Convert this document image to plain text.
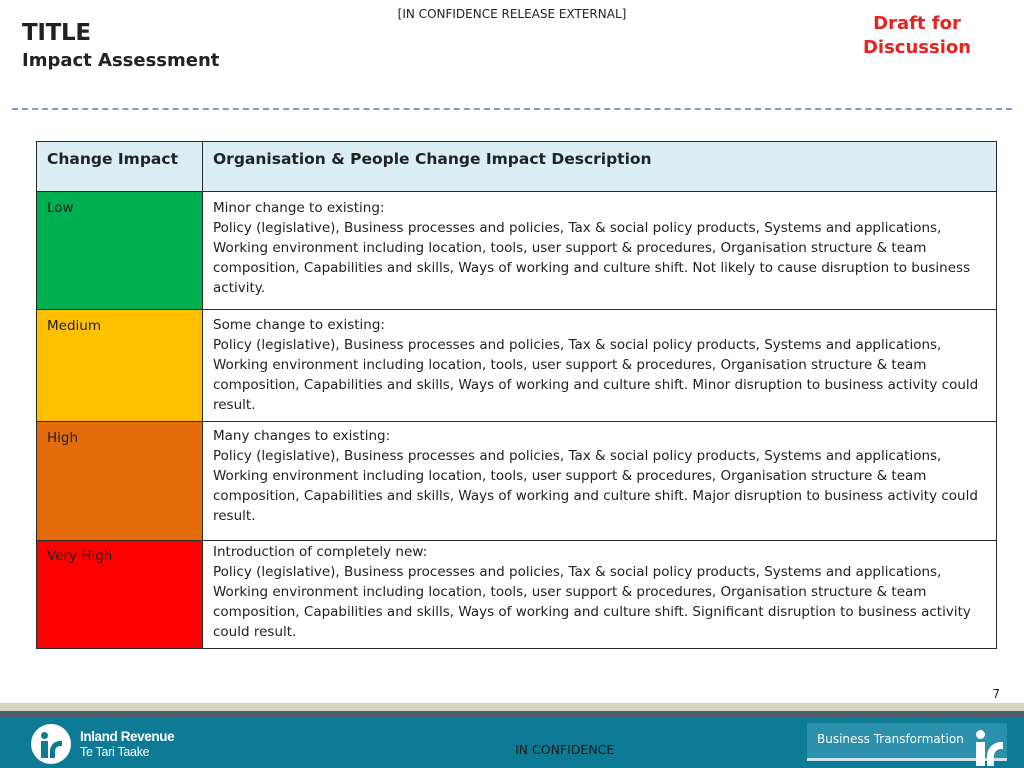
[IN CONFIDENCE RELEASE EXTERNAL]
TITLE
Impact Assessment
Draft for Discussion
Change Impact	Organisation & People Change Impact Description
Low	Minor change to existing:
Policy (legislative), Business processes and policies, Tax & social policy products, Systems and applications, Working environment including location, tools, user support & procedures, Organisation structure & team composition, Capabilities and skills, Ways of working and culture shift. Not likely to cause disruption to business activity.

Medium	Some change to existing:
Policy (legislative), Business processes and policies, Tax & social policy products, Systems and applications, Working environment including location, tools, user support & procedures, Organisation structure & team composition, Capabilities and skills, Ways of working and culture shift. Minor disruption to business activity could result.

High	Many changes to existing:
Policy (legislative), Business processes and policies, Tax & social policy products, Systems and applications, Working environment including location, tools, user support & procedures, Organisation structure & team composition, Capabilities and skills, Ways of working and culture shift. Major disruption to business activity could result.

Very High	Introduction of completely new:
Policy (legislative), Business processes and policies, Tax & social policy products, Systems and applications, Working environment including location, tools, user support & procedures, Organisation structure & team composition, Capabilities and skills, Ways of working and culture shift. Significant disruption to business activity could result.
7
Inland Revenue
Te Tari Taake	IN CONFIDENCE
Business Transformation
